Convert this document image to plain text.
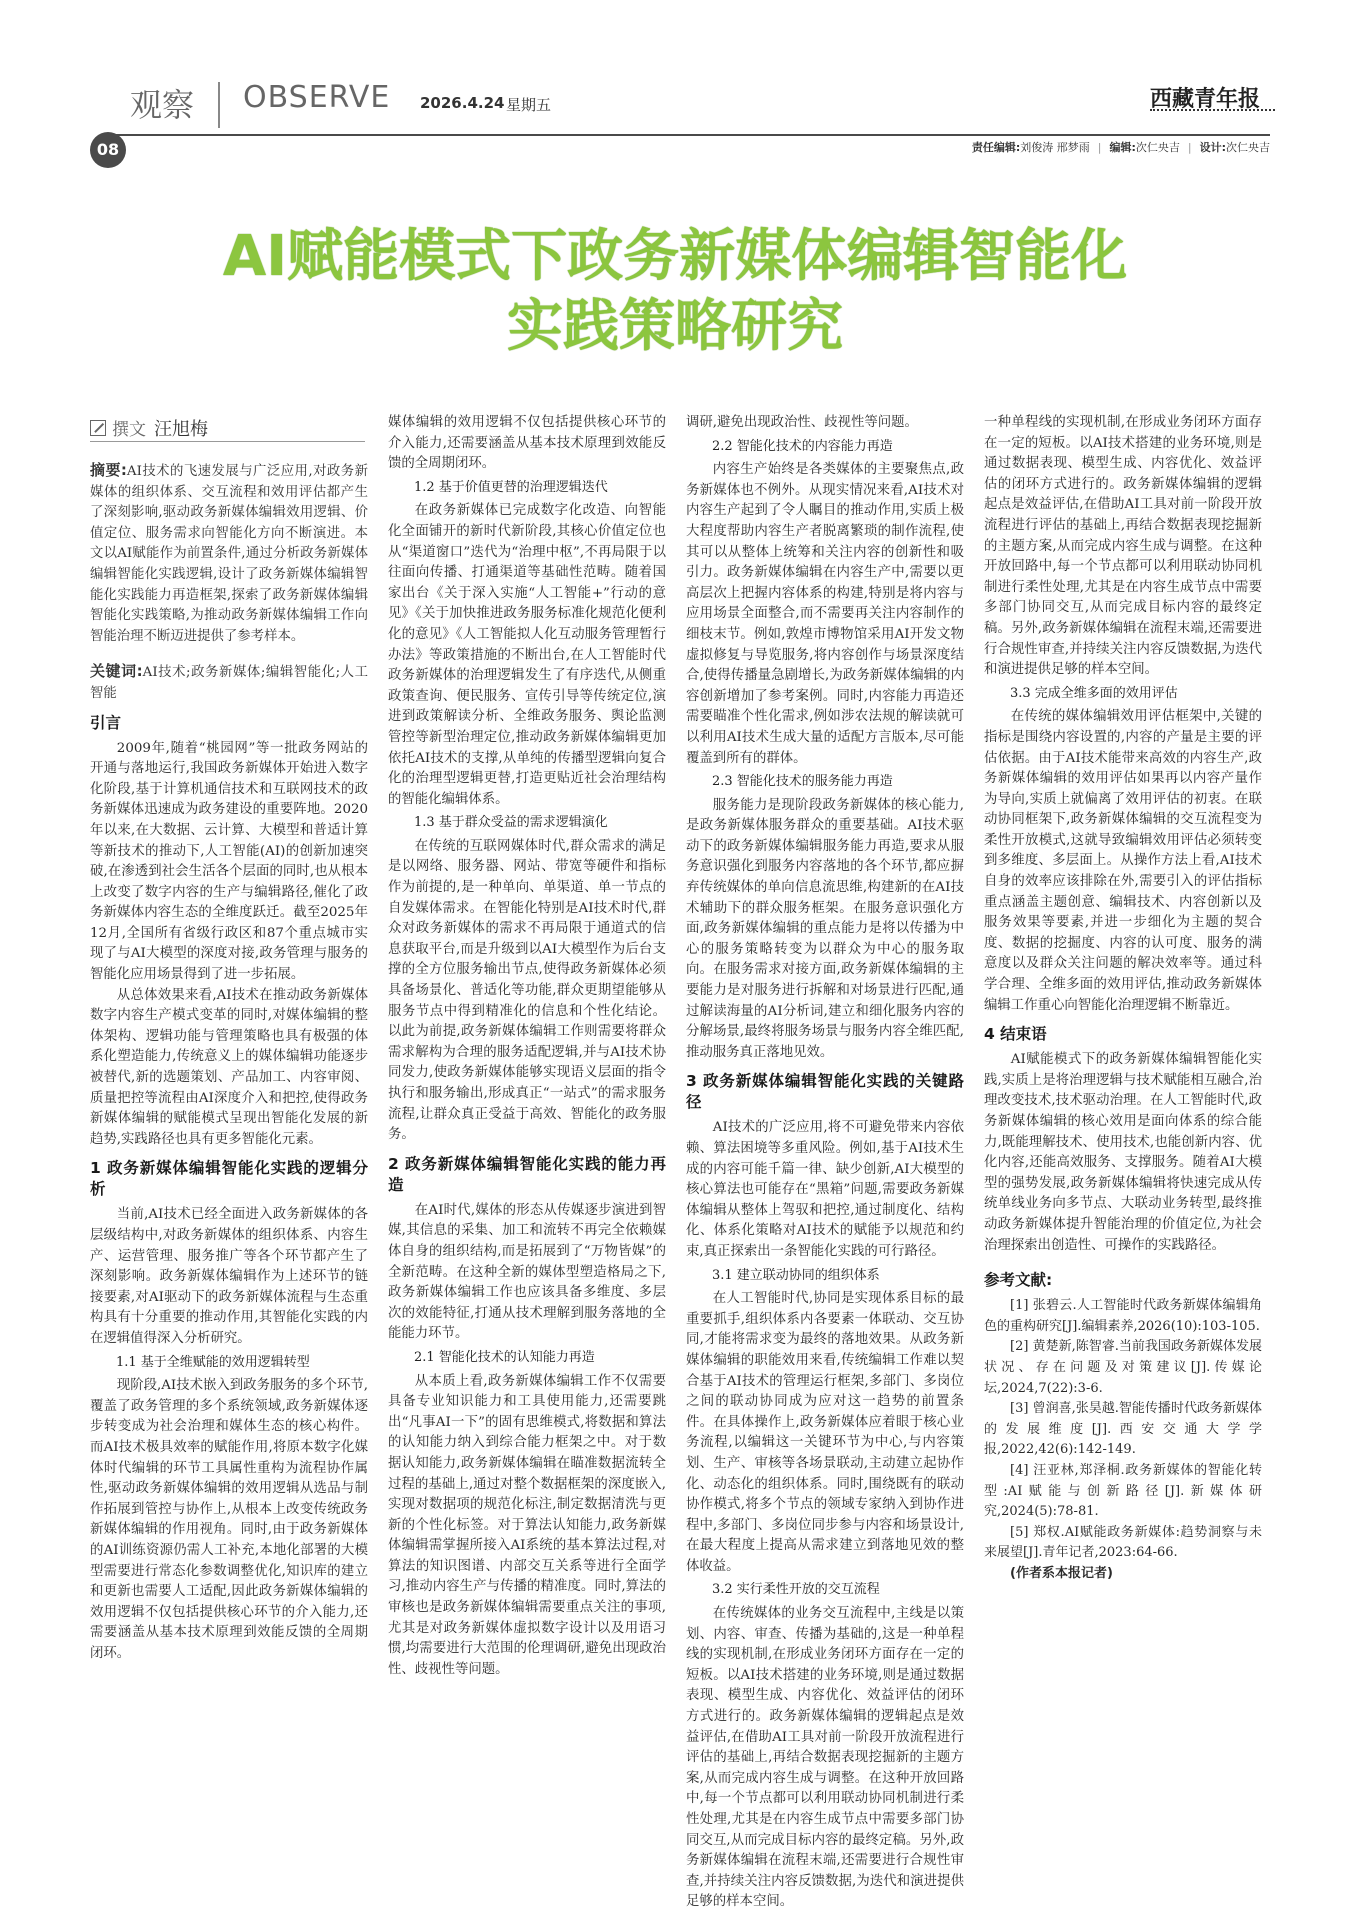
观察 OBSERVE 2026.4.24 星期五	西藏青年报
08	责任编辑:刘俊涛 邢梦雨 | 编辑:次仁央吉 | 设计:次仁央吉
AI赋能模式下政务新媒体编辑智能化
实践策略研究
撰文 汪旭梅

摘要:AI技术的飞速发展与广泛应用,对政务新媒体的组织体系、交互流程和效用评估都产生了深刻影响,驱动政务新媒体编辑效用逻辑、价值定位、服务需求向智能化方向不断演进。本文以AI赋能作为前置条件,通过分析政务新媒体编辑智能化实践逻辑,设计了政务新媒体编辑智能化实践能力再造框架,探索了政务新媒体编辑智能化实践策略,为推动政务新媒体编辑工作向智能治理不断迈进提供了参考样本。

关键词:AI技术;政务新媒体;编辑智能化;人工智能

引言

2009年,随着“桃园网”等一批政务网站的开通与落地运行,我国政务新媒体开始进入数字化阶段,基于计算机通信技术和互联网技术的政务新媒体迅速成为政务建设的重要阵地。2020年以来,在大数据、云计算、大模型和普适计算等新技术的推动下,人工智能(AI)的创新加速突破,在渗透到社会生活各个层面的同时,也从根本上改变了数字内容的生产与编辑路径,催化了政务新媒体内容生态的全维度跃迁。截至2025年12月,全国所有省级行政区和87个重点城市实现了与AI大模型的深度对接,政务管理与服务的智能化应用场景得到了进一步拓展。

从总体效果来看,AI技术在推动政务新媒体数字内容生产模式变革的同时,对媒体编辑的整体架构、逻辑功能与管理策略也具有极强的体系化塑造能力,传统意义上的媒体编辑功能逐步被替代,新的选题策划、产品加工、内容审阅、质量把控等流程由AI深度介入和把控,使得政务新媒体编辑的赋能模式呈现出智能化发展的新趋势,实践路径也具有更多智能化元素。

1 政务新媒体编辑智能化实践的逻辑分析

当前,AI技术已经全面进入政务新媒体的各层级结构中,对政务新媒体的组织体系、内容生产、运营管理、服务推广等各个环节都产生了深刻影响。政务新媒体编辑作为上述环节的链接要素,对AI驱动下的政务新媒体流程与生态重构具有十分重要的推动作用,其智能化实践的内在逻辑值得深入分析研究。

1.1 基于全维赋能的效用逻辑转型

现阶段,AI技术嵌入到政务服务的多个环节,覆盖了政务管理的多个系统领域,政务新媒体逐步转变成为社会治理和媒体生态的核心构件。而AI技术极具效率的赋能作用,将原本数字化媒体时代编辑的环节工具属性重构为流程协作属性,驱动政务新媒体编辑的效用逻辑从选品与制作拓展到管控与协作上,从根本上改变传统政务新媒体编辑的作用视角。同时,由于政务新媒体的AI训练资源仍需人工补充,本地化部署的大模型需要进行常态化参数调整优化,知识库的建立和更新也需要人工适配,因此政务新媒体编辑的效用逻辑不仅包括提供核心环节的介入能力,还需要涵盖从基本技术原理到效能反馈的全周期闭环。

媒体编辑的效用逻辑不仅包括提供核心环节的介入能力,还需要涵盖从基本技术原理到效能反馈的全周期闭环。

1.2 基于价值更替的治理逻辑迭代

在政务新媒体已完成数字化改造、向智能化全面铺开的新时代新阶段,其核心价值定位也从“渠道窗口”迭代为“治理中枢”,不再局限于以往面向传播、打通渠道等基础性范畴。随着国家出台《关于深入实施“人工智能+”行动的意见》《关于加快推进政务服务标准化规范化便利化的意见》《人工智能拟人化互动服务管理暂行办法》等政策措施的不断出台,在人工智能时代政务新媒体的治理逻辑发生了有序迭代,从侧重政策查询、便民服务、宣传引导等传统定位,演进到政策解读分析、全维政务服务、舆论监测管控等新型治理定位,推动政务新媒体编辑更加依托AI技术的支撑,从单纯的传播型逻辑向复合化的治理型逻辑更替,打造更贴近社会治理结构的智能化编辑体系。

1.3 基于群众受益的需求逻辑演化

在传统的互联网媒体时代,群众需求的满足是以网络、服务器、网站、带宽等硬件和指标作为前提的,是一种单向、单渠道、单一节点的自发媒体需求。在智能化特别是AI技术时代,群众对政务新媒体的需求不再局限于通道式的信息获取平台,而是升级到以AI大模型作为后台支撑的全方位服务输出节点,使得政务新媒体必须具备场景化、普适化等功能,群众更期望能够从服务节点中得到精准化的信息和个性化结论。以此为前提,政务新媒体编辑工作则需要将群众需求解构为合理的服务适配逻辑,并与AI技术协同发力,使政务新媒体能够实现语义层面的指令执行和服务输出,形成真正“一站式”的需求服务流程,让群众真正受益于高效、智能化的政务服务。

2 政务新媒体编辑智能化实践的能力再造

在AI时代,媒体的形态从传媒逐步演进到智媒,其信息的采集、加工和流转不再完全依赖媒体自身的组织结构,而是拓展到了“万物皆媒”的全新范畴。在这种全新的媒体型塑造格局之下,政务新媒体编辑工作也应该具备多维度、多层次的效能特征,打通从技术理解到服务落地的全能能力环节。

2.1 智能化技术的认知能力再造

从本质上看,政务新媒体编辑工作不仅需要具备专业知识能力和工具使用能力,还需要跳出“凡事AI一下”的固有思维模式,将数据和算法的认知能力纳入到综合能力框架之中。对于数据认知能力,政务新媒体编辑在瞄准数据流转全过程的基础上,通过对整个数据框架的深度嵌入,实现对数据项的规范化标注,制定数据清洗与更新的个性化标签。对于算法认知能力,政务新媒体编辑需掌握所接入AI系统的基本算法过程,对算法的知识图谱、内部交互关系等进行全面学习,推动内容生产与传播的精准度。同时,算法的审核也是政务新媒体编辑需要重点关注的事项,尤其是对政务新媒体虚拟数字设计以及用语习惯,均需要进行大范围的伦理调研,避免出现政治性、歧视性等问题。

调研,避免出现政治性、歧视性等问题。

2.2 智能化技术的内容能力再造

内容生产始终是各类媒体的主要聚焦点,政务新媒体也不例外。从现实情况来看,AI技术对内容生产起到了令人瞩目的推动作用,实质上极大程度帮助内容生产者脱离繁琐的制作流程,使其可以从整体上统筹和关注内容的创新性和吸引力。政务新媒体编辑在内容生产中,需要以更高层次上把握内容体系的构建,特别是将内容与应用场景全面整合,而不需要再关注内容制作的细枝末节。例如,敦煌市博物馆采用AI开发文物虚拟修复与导览服务,将内容创作与场景深度结合,使得传播量急剧增长,为政务新媒体编辑的内容创新增加了参考案例。同时,内容能力再造还需要瞄准个性化需求,例如涉农法规的解读就可以利用AI技术生成大量的适配方言版本,尽可能覆盖到所有的群体。

2.3 智能化技术的服务能力再造

服务能力是现阶段政务新媒体的核心能力,是政务新媒体服务群众的重要基础。AI技术驱动下的政务新媒体编辑服务能力再造,要求从服务意识强化到服务内容落地的各个环节,都应摒弃传统媒体的单向信息流思维,构建新的在AI技术辅助下的群众服务框架。在服务意识强化方面,政务新媒体编辑的重点能力是将以传播为中心的服务策略转变为以群众为中心的服务取向。在服务需求对接方面,政务新媒体编辑的主要能力是对服务进行拆解和对场景进行匹配,通过解读海量的AI分析词,建立和细化服务内容的分解场景,最终将服务场景与服务内容全维匹配,推动服务真正落地见效。

3 政务新媒体编辑智能化实践的关键路径

AI技术的广泛应用,将不可避免带来内容依赖、算法困境等多重风险。例如,基于AI技术生成的内容可能千篇一律、缺少创新,AI大模型的核心算法也可能存在“黑箱”问题,需要政务新媒体编辑从整体上驾驭和把控,通过制度化、结构化、体系化策略对AI技术的赋能予以规范和约束,真正探索出一条智能化实践的可行路径。

3.1 建立联动协同的组织体系

在人工智能时代,协同是实现体系目标的最重要抓手,组织体系内各要素一体联动、交互协同,才能将需求变为最终的落地效果。从政务新媒体编辑的职能效用来看,传统编辑工作难以契合基于AI技术的管理运行框架,多部门、多岗位之间的联动协同成为应对这一趋势的前置条件。在具体操作上,政务新媒体应着眼于核心业务流程,以编辑这一关键环节为中心,与内容策划、生产、审核等各场景联动,主动建立起协作化、动态化的组织体系。同时,围绕既有的联动协作模式,将多个节点的领域专家纳入到协作进程中,多部门、多岗位同步参与内容和场景设计,在最大程度上提高从需求建立到落地见效的整体收益。

3.2 实行柔性开放的交互流程

在传统媒体的业务交互流程中,主线是以策划、内容、审查、传播为基础的,这是一种单程线的实现机制,在形成业务闭环方面存在一定的短板。以AI技术搭建的业务环境,则是通过数据表现、模型生成、内容优化、效益评估的闭环方式进行的。政务新媒体编辑的逻辑起点是效益评估,在借助AI工具对前一阶段开放流程进行评估的基础上,再结合数据表现挖掘新的主题方案,从而完成内容生成与调整。在这种开放回路中,每一个节点都可以利用联动协同机制进行柔性处理,尤其是在内容生成节点中需要多部门协同交互,从而完成目标内容的最终定稿。另外,政务新媒体编辑在流程末端,还需要进行合规性审查,并持续关注内容反馈数据,为迭代和演进提供足够的样本空间。

一种单程线的实现机制,在形成业务闭环方面存在一定的短板。以AI技术搭建的业务环境,则是通过数据表现、模型生成、内容优化、效益评估的闭环方式进行的。政务新媒体编辑的逻辑起点是效益评估,在借助AI工具对前一阶段开放流程进行评估的基础上,再结合数据表现挖掘新的主题方案,从而完成内容生成与调整。在这种开放回路中,每一个节点都可以利用联动协同机制进行柔性处理,尤其是在内容生成节点中需要多部门协同交互,从而完成目标内容的最终定稿。另外,政务新媒体编辑在流程末端,还需要进行合规性审查,并持续关注内容反馈数据,为迭代和演进提供足够的样本空间。

3.3 完成全维多面的效用评估

在传统的媒体编辑效用评估框架中,关键的指标是围绕内容设置的,内容的产量是主要的评估依据。由于AI技术能带来高效的内容生产,政务新媒体编辑的效用评估如果再以内容产量作为导向,实质上就偏离了效用评估的初衷。在联动协同框架下,政务新媒体编辑的交互流程变为柔性开放模式,这就导致编辑效用评估必须转变到多维度、多层面上。从操作方法上看,AI技术自身的效率应该排除在外,需要引入的评估指标重点涵盖主题创意、编辑技术、内容创新以及服务效果等要素,并进一步细化为主题的契合度、数据的挖掘度、内容的认可度、服务的满意度以及群众关注问题的解决效率等。通过科学合理、全维多面的效用评估,推动政务新媒体编辑工作重心向智能化治理逻辑不断靠近。

4 结束语

AI赋能模式下的政务新媒体编辑智能化实践,实质上是将治理逻辑与技术赋能相互融合,治理改变技术,技术驱动治理。在人工智能时代,政务新媒体编辑的核心效用是面向体系的综合能力,既能理解技术、使用技术,也能创新内容、优化内容,还能高效服务、支撑服务。随着AI大模型的强势发展,政务新媒体编辑将快速完成从传统单线业务向多节点、大联动业务转型,最终推动政务新媒体提升智能治理的价值定位,为社会治理探索出创造性、可操作的实践路径。

参考文献:

[1] 张碧云.人工智能时代政务新媒体编辑角色的重构研究[J].编辑素养,2026(10):103-105.

[2] 黄楚新,陈智睿.当前我国政务新媒体发展状况、存在问题及对策建议[J].传媒论坛,2024,7(22):3-6.

[3] 曾润喜,张昊越.智能传播时代政务新媒体的发展维度[J].西安交通大学学报,2022,42(6):142-149.

[4] 汪亚林,郑泽桐.政务新媒体的智能化转型:AI赋能与创新路径[J].新媒体研究,2024(5):78-81.

[5] 郑权.AI赋能政务新媒体:趋势洞察与未来展望[J].青年记者,2023:64-66.

(作者系本报记者)
